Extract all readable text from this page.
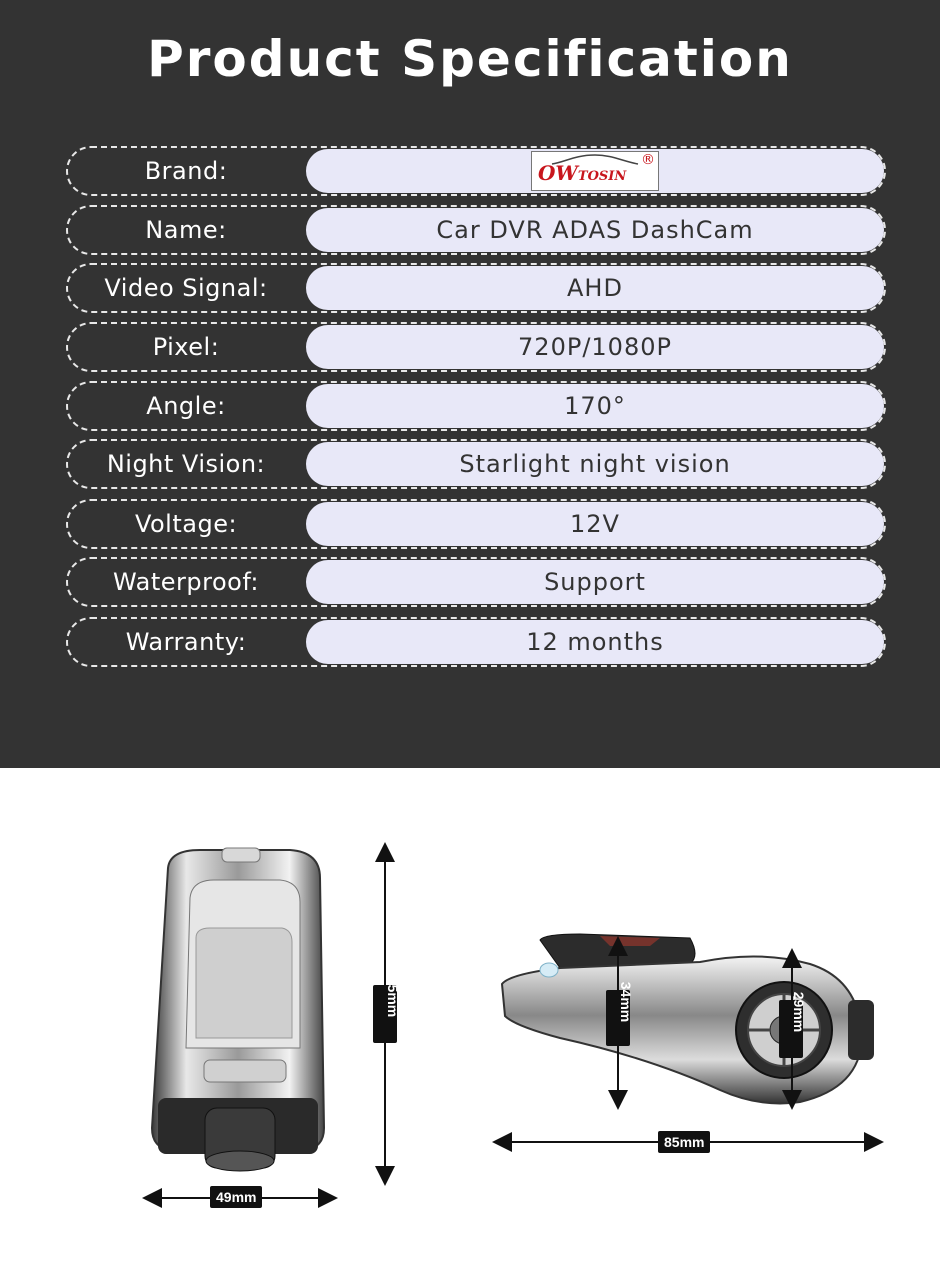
Product Specification
Brand:	OWTOSIN
®
Name:	Car DVR ADAS DashCam
Video Signal:	AHD
Pixel:	720P/1080P
Angle:	170°
Night Vision:	Starlight night vision
Voltage:	12V
Waterproof:	Support
Warranty:	12 months
85mm
49mm
34mm	29mm
85mm
